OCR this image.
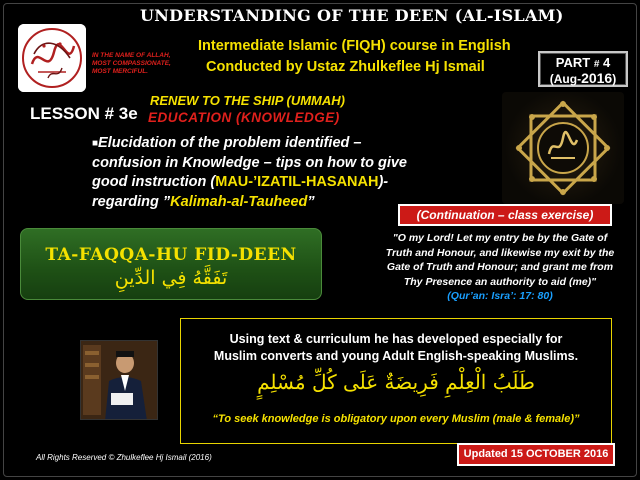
IN THE NAME OF ALLAH,
MOST COMPASSIONATE,
MOST MERCIFUL.
UNDERSTANDING OF THE DEEN (AL-ISLAM)
Intermediate Islamic (FIQH) course in English
Conducted by Ustaz Zhulkeflee Hj Ismail	PART # 4
(Aug-2016)
LESSON # 3e
RENEW TO THE SHIP (UMMAH)
EDUCATION (KNOWLEDGE)
■Elucidation of the problem identified –
confusion in Knowledge – tips on how to give
good instruction (MAU-’IZATIL-HASANAH)-
regarding ”Kalimah-al-Tauheed”
(Continuation – class exercise)
TA-FAQQA-HU FID-DEEN
تَفَقَّهُ فِي الدِّينِ
"O my Lord! Let my entry be by the Gate of
Truth and Honour, and likewise my exit by the
Gate of Truth and Honour; and grant me from
Thy Presence an authority to aid (me)"
(Qur’an: Isra’: 17: 80)
Using text & curriculum he has developed especially for
Muslim converts and young Adult English-speaking Muslims.
طَلَبُ الْعِلْمِ فَرِيضَةٌ عَلَى كُلِّ مُسْلِمٍ
“To seek knowledge is obligatory upon every Muslim (male & female)”
All Rights Reserved © Zhulkeflee Hj Ismail (2016)	Updated 15 OCTOBER 2016
